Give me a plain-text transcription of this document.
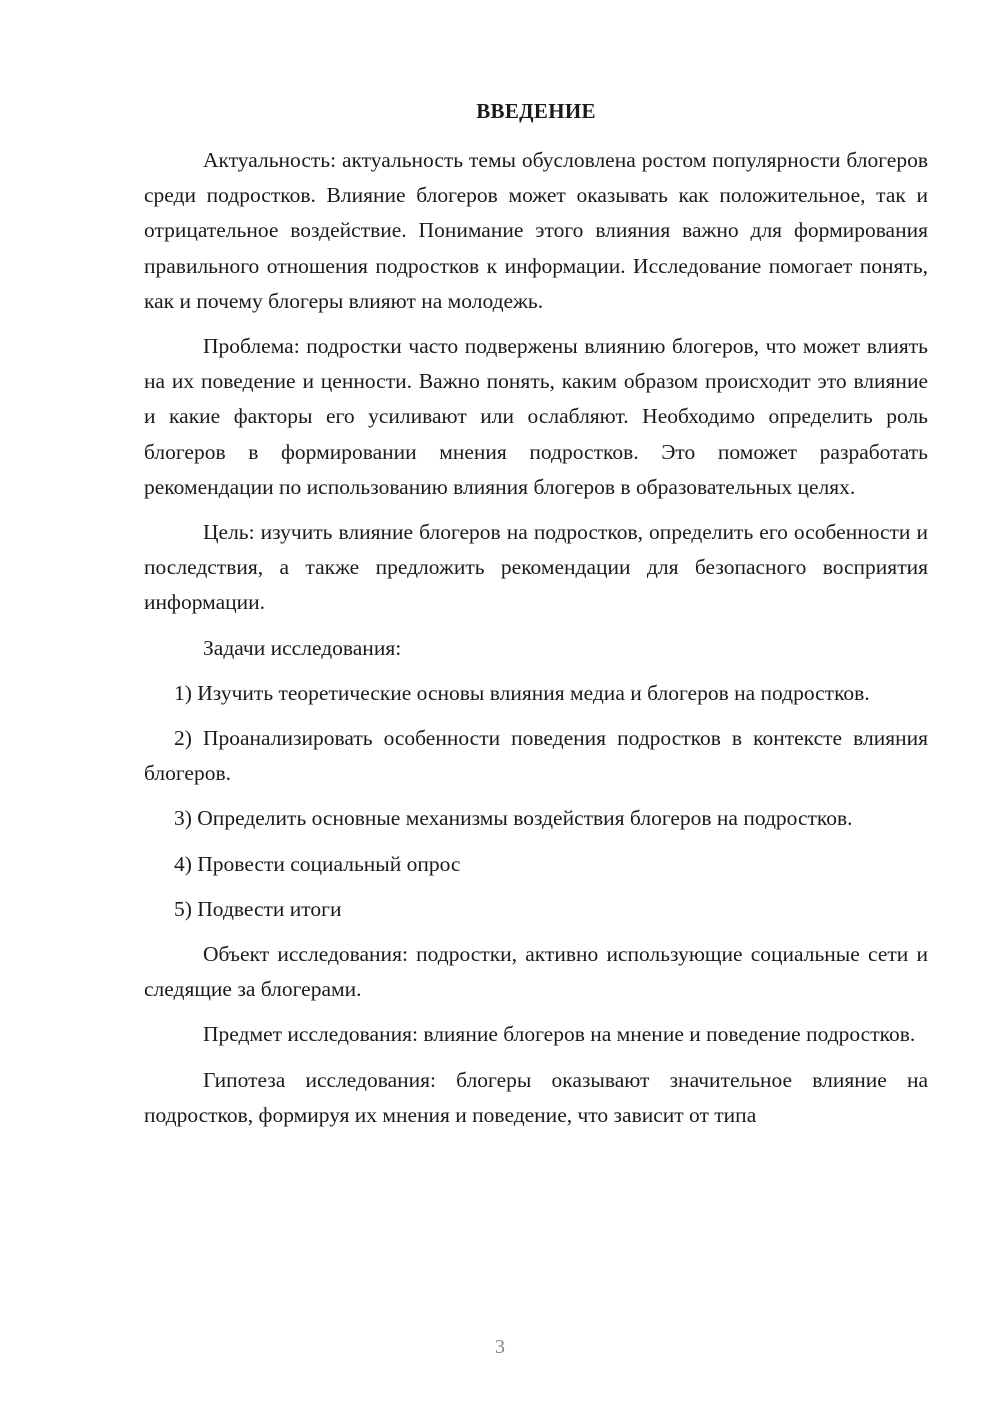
ВВЕДЕНИЕ

Актуальность: актуальность темы обусловлена ростом популярности блогеров среди подростков. Влияние блогеров может оказывать как положительное, так и отрицательное воздействие. Понимание этого влияния важно для формирования правильного отношения подростков к информации. Исследование помогает понять, как и почему блогеры влияют на молодежь.

Проблема: подростки часто подвержены влиянию блогеров, что может влиять на их поведение и ценности. Важно понять, каким образом происходит это влияние и какие факторы его усиливают или ослабляют. Необходимо определить роль блогеров в формировании мнения подростков. Это поможет разработать рекомендации по использованию влияния блогеров в образовательных целях.

Цель: изучить влияние блогеров на подростков, определить его особенности и последствия, а также предложить рекомендации для безопасного восприятия информации.

Задачи исследования:

1) Изучить теоретические основы влияния медиа и блогеров на подростков.

2) Проанализировать особенности поведения подростков в контексте влияния блогеров.

3) Определить основные механизмы воздействия блогеров на подростков.

4) Провести социальный опрос

5) Подвести итоги

Объект исследования: подростки, активно использующие социальные сети и следящие за блогерами.

Предмет исследования: влияние блогеров на мнение и поведение подростков.

Гипотеза исследования: блогеры оказывают значительное влияние на подростков, формируя их мнения и поведение, что зависит от типа

3
